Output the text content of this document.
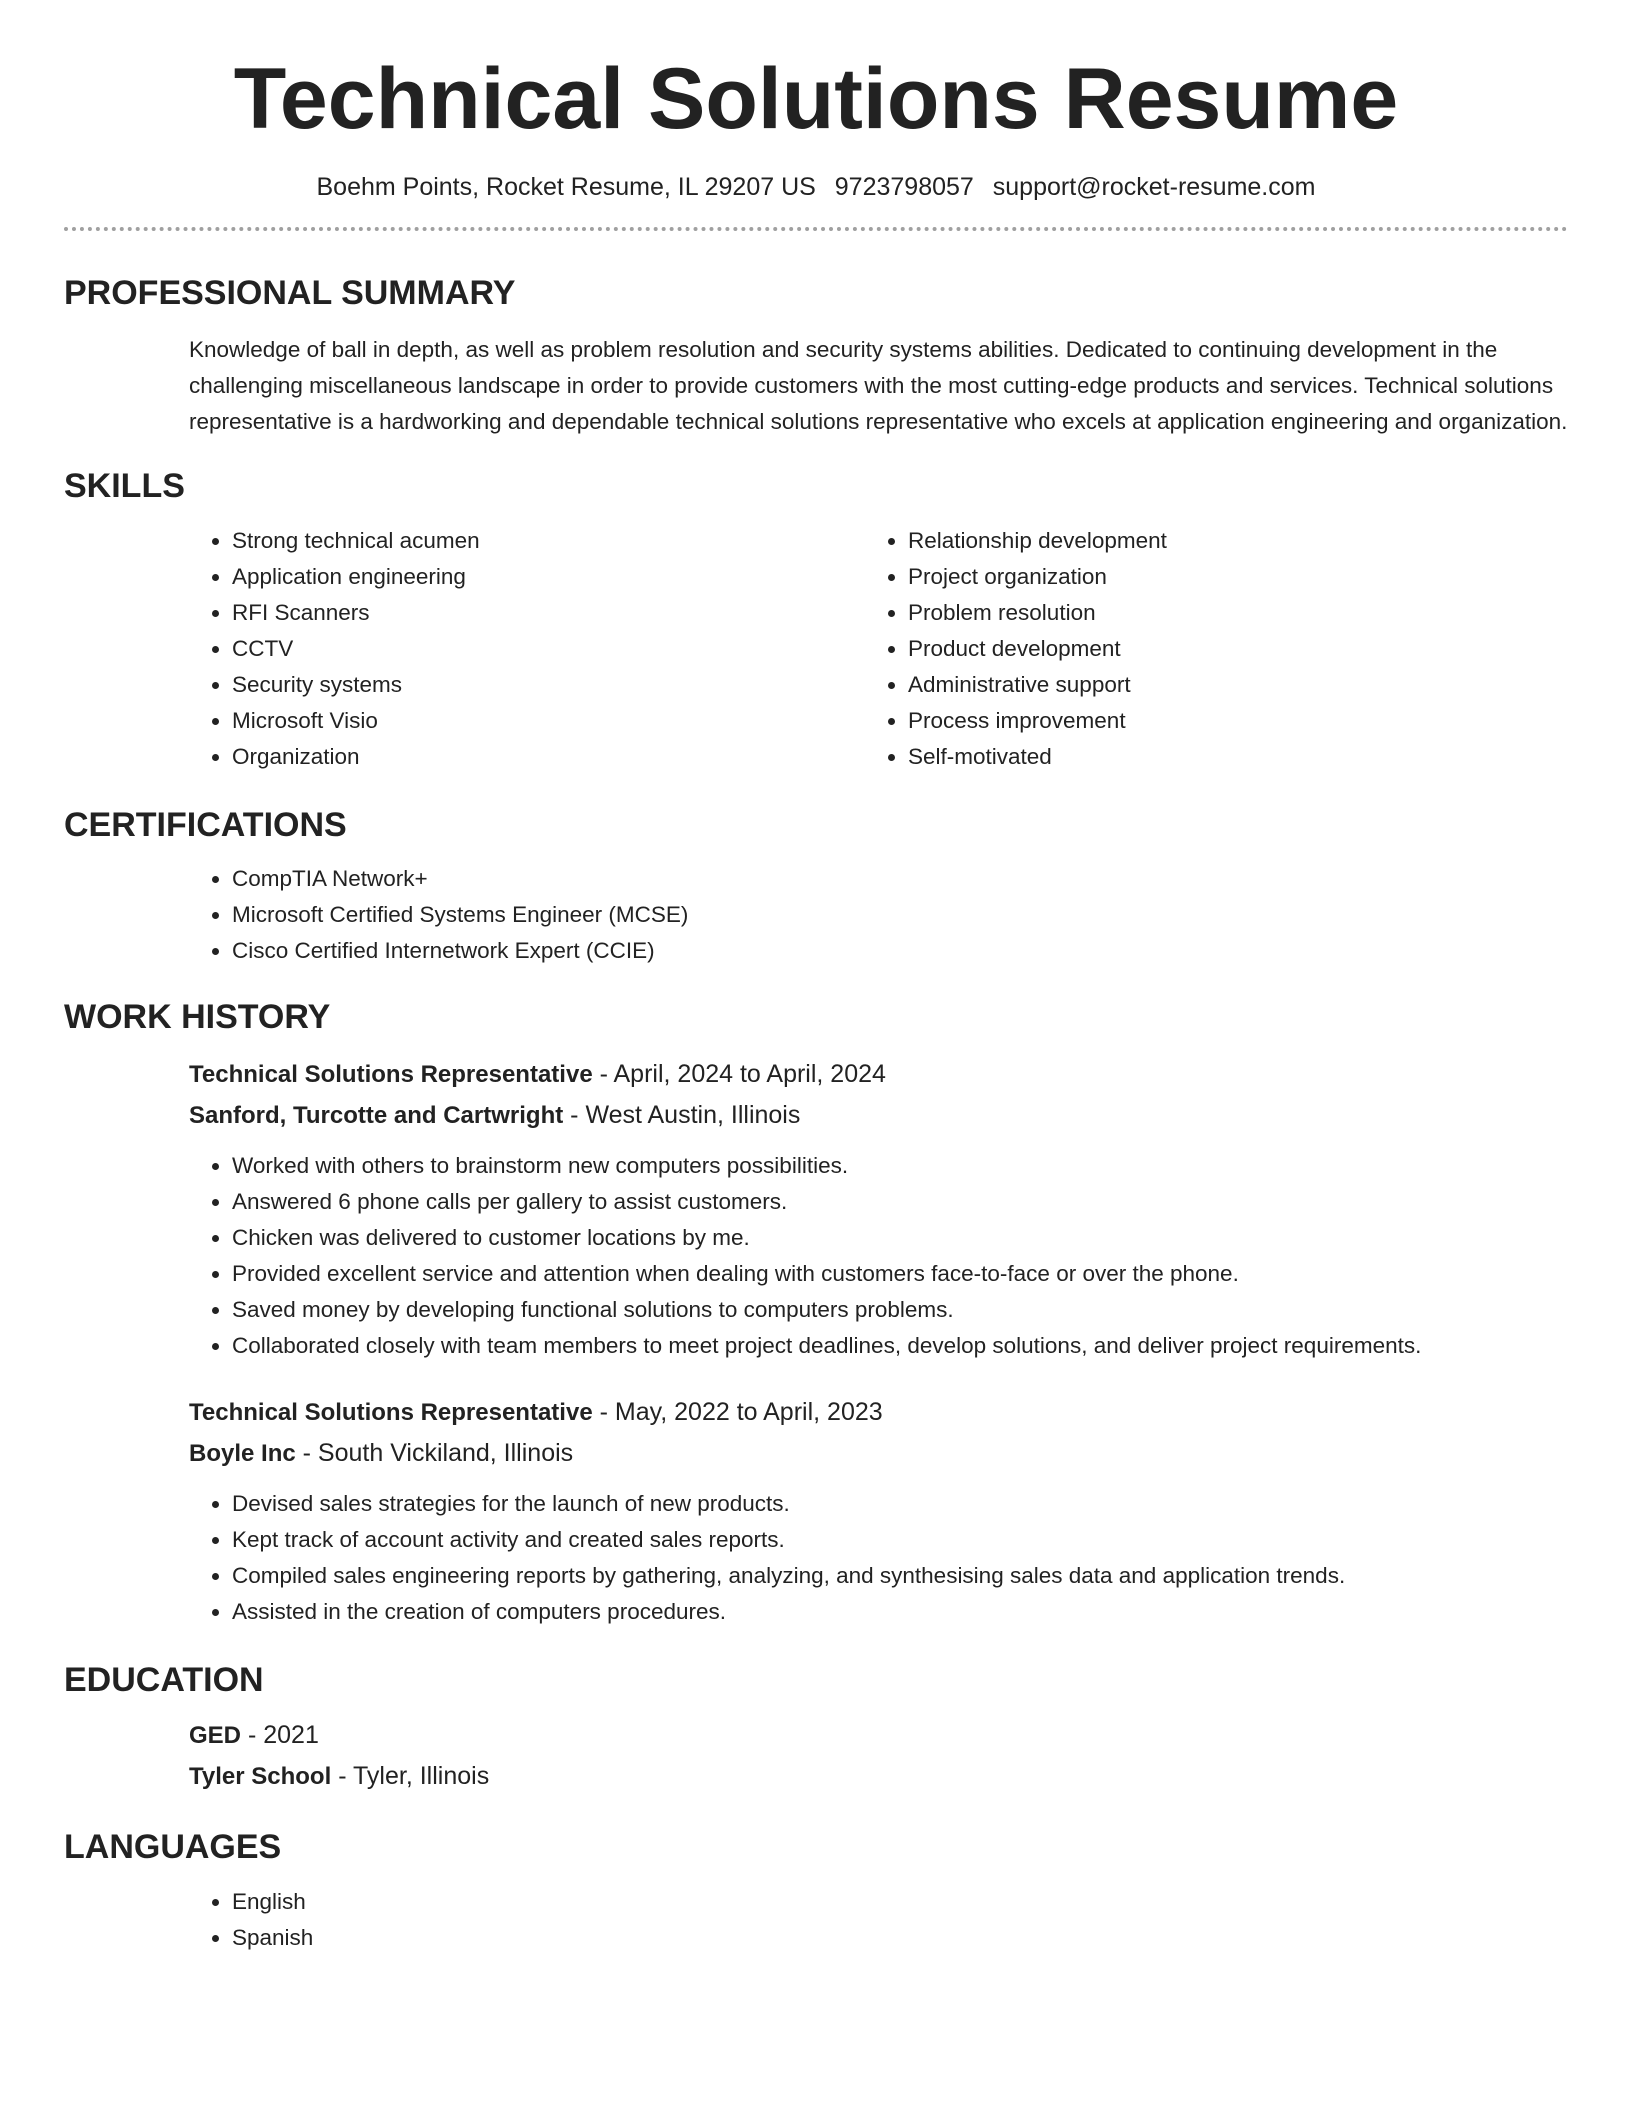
Technical Solutions Resume
Boehm Points, Rocket Resume, IL 29207 US 9723798057 support@rocket-resume.com
PROFESSIONAL SUMMARY
Knowledge of ball in depth, as well as problem resolution and security systems abilities. Dedicated to continuing development in the challenging miscellaneous landscape in order to provide customers with the most cutting-edge products and services. Technical solutions representative is a hardworking and dependable technical solutions representative who excels at application engineering and organization.
SKILLS
• Strong technical acumen
• Application engineering
• RFI Scanners
• CCTV
• Security systems
• Microsoft Visio
• Organization
• Relationship development
• Project organization
• Problem resolution
• Product development
• Administrative support
• Process improvement
• Self-motivated
CERTIFICATIONS
• CompTIA Network+
• Microsoft Certified Systems Engineer (MCSE)
• Cisco Certified Internetwork Expert (CCIE)
WORK HISTORY
Technical Solutions Representative - April, 2024 to April, 2024
Sanford, Turcotte and Cartwright - West Austin, Illinois
• Worked with others to brainstorm new computers possibilities.
• Answered 6 phone calls per gallery to assist customers.
• Chicken was delivered to customer locations by me.
• Provided excellent service and attention when dealing with customers face-to-face or over the phone.
• Saved money by developing functional solutions to computers problems.
• Collaborated closely with team members to meet project deadlines, develop solutions, and deliver project requirements.
Technical Solutions Representative - May, 2022 to April, 2023
Boyle Inc - South Vickiland, Illinois
• Devised sales strategies for the launch of new products.
• Kept track of account activity and created sales reports.
• Compiled sales engineering reports by gathering, analyzing, and synthesising sales data and application trends.
• Assisted in the creation of computers procedures.
EDUCATION
GED - 2021
Tyler School - Tyler, Illinois
LANGUAGES
• English
• Spanish
